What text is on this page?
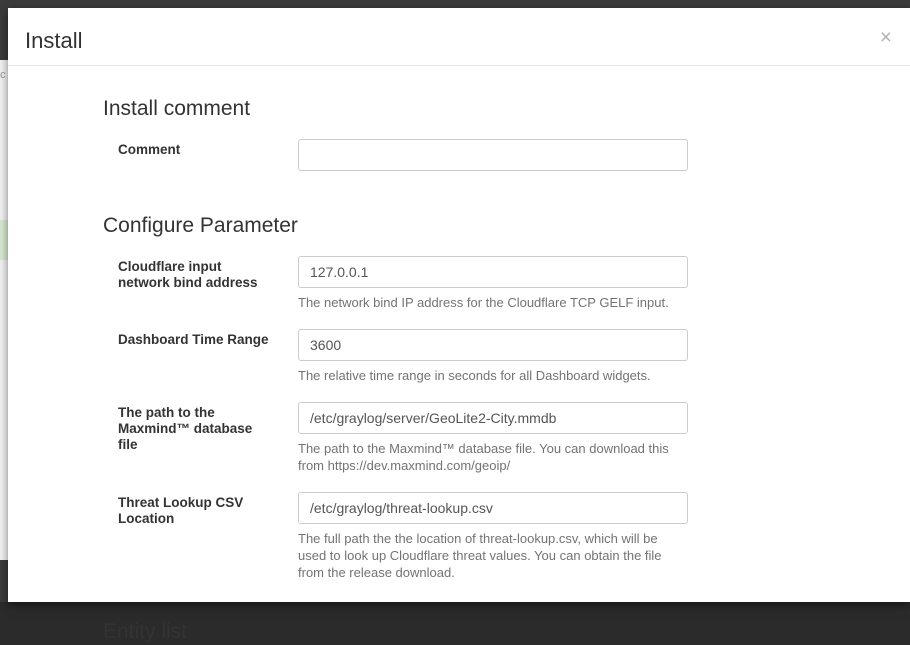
c
Install	×
Install comment
Comment
Configure Parameter
Cloudflare input network bind address
127.0.0.1

The network bind IP address for the Cloudflare TCP GELF input.

Dashboard Time Range
3600

The relative time range in seconds for all Dashboard widgets.

The path to the Maxmind™ database file
/etc/graylog/server/GeoLite2-City.mmdb	The path to the Maxmind™ database file. You can download this from https://dev.maxmind.com/geoip/

Threat Lookup CSV Location
/etc/graylog/threat-lookup.csv

The full path the the location of threat-lookup.csv, which will be used to look up Cloudflare threat values. You can obtain the file from the release download.

Entity list
